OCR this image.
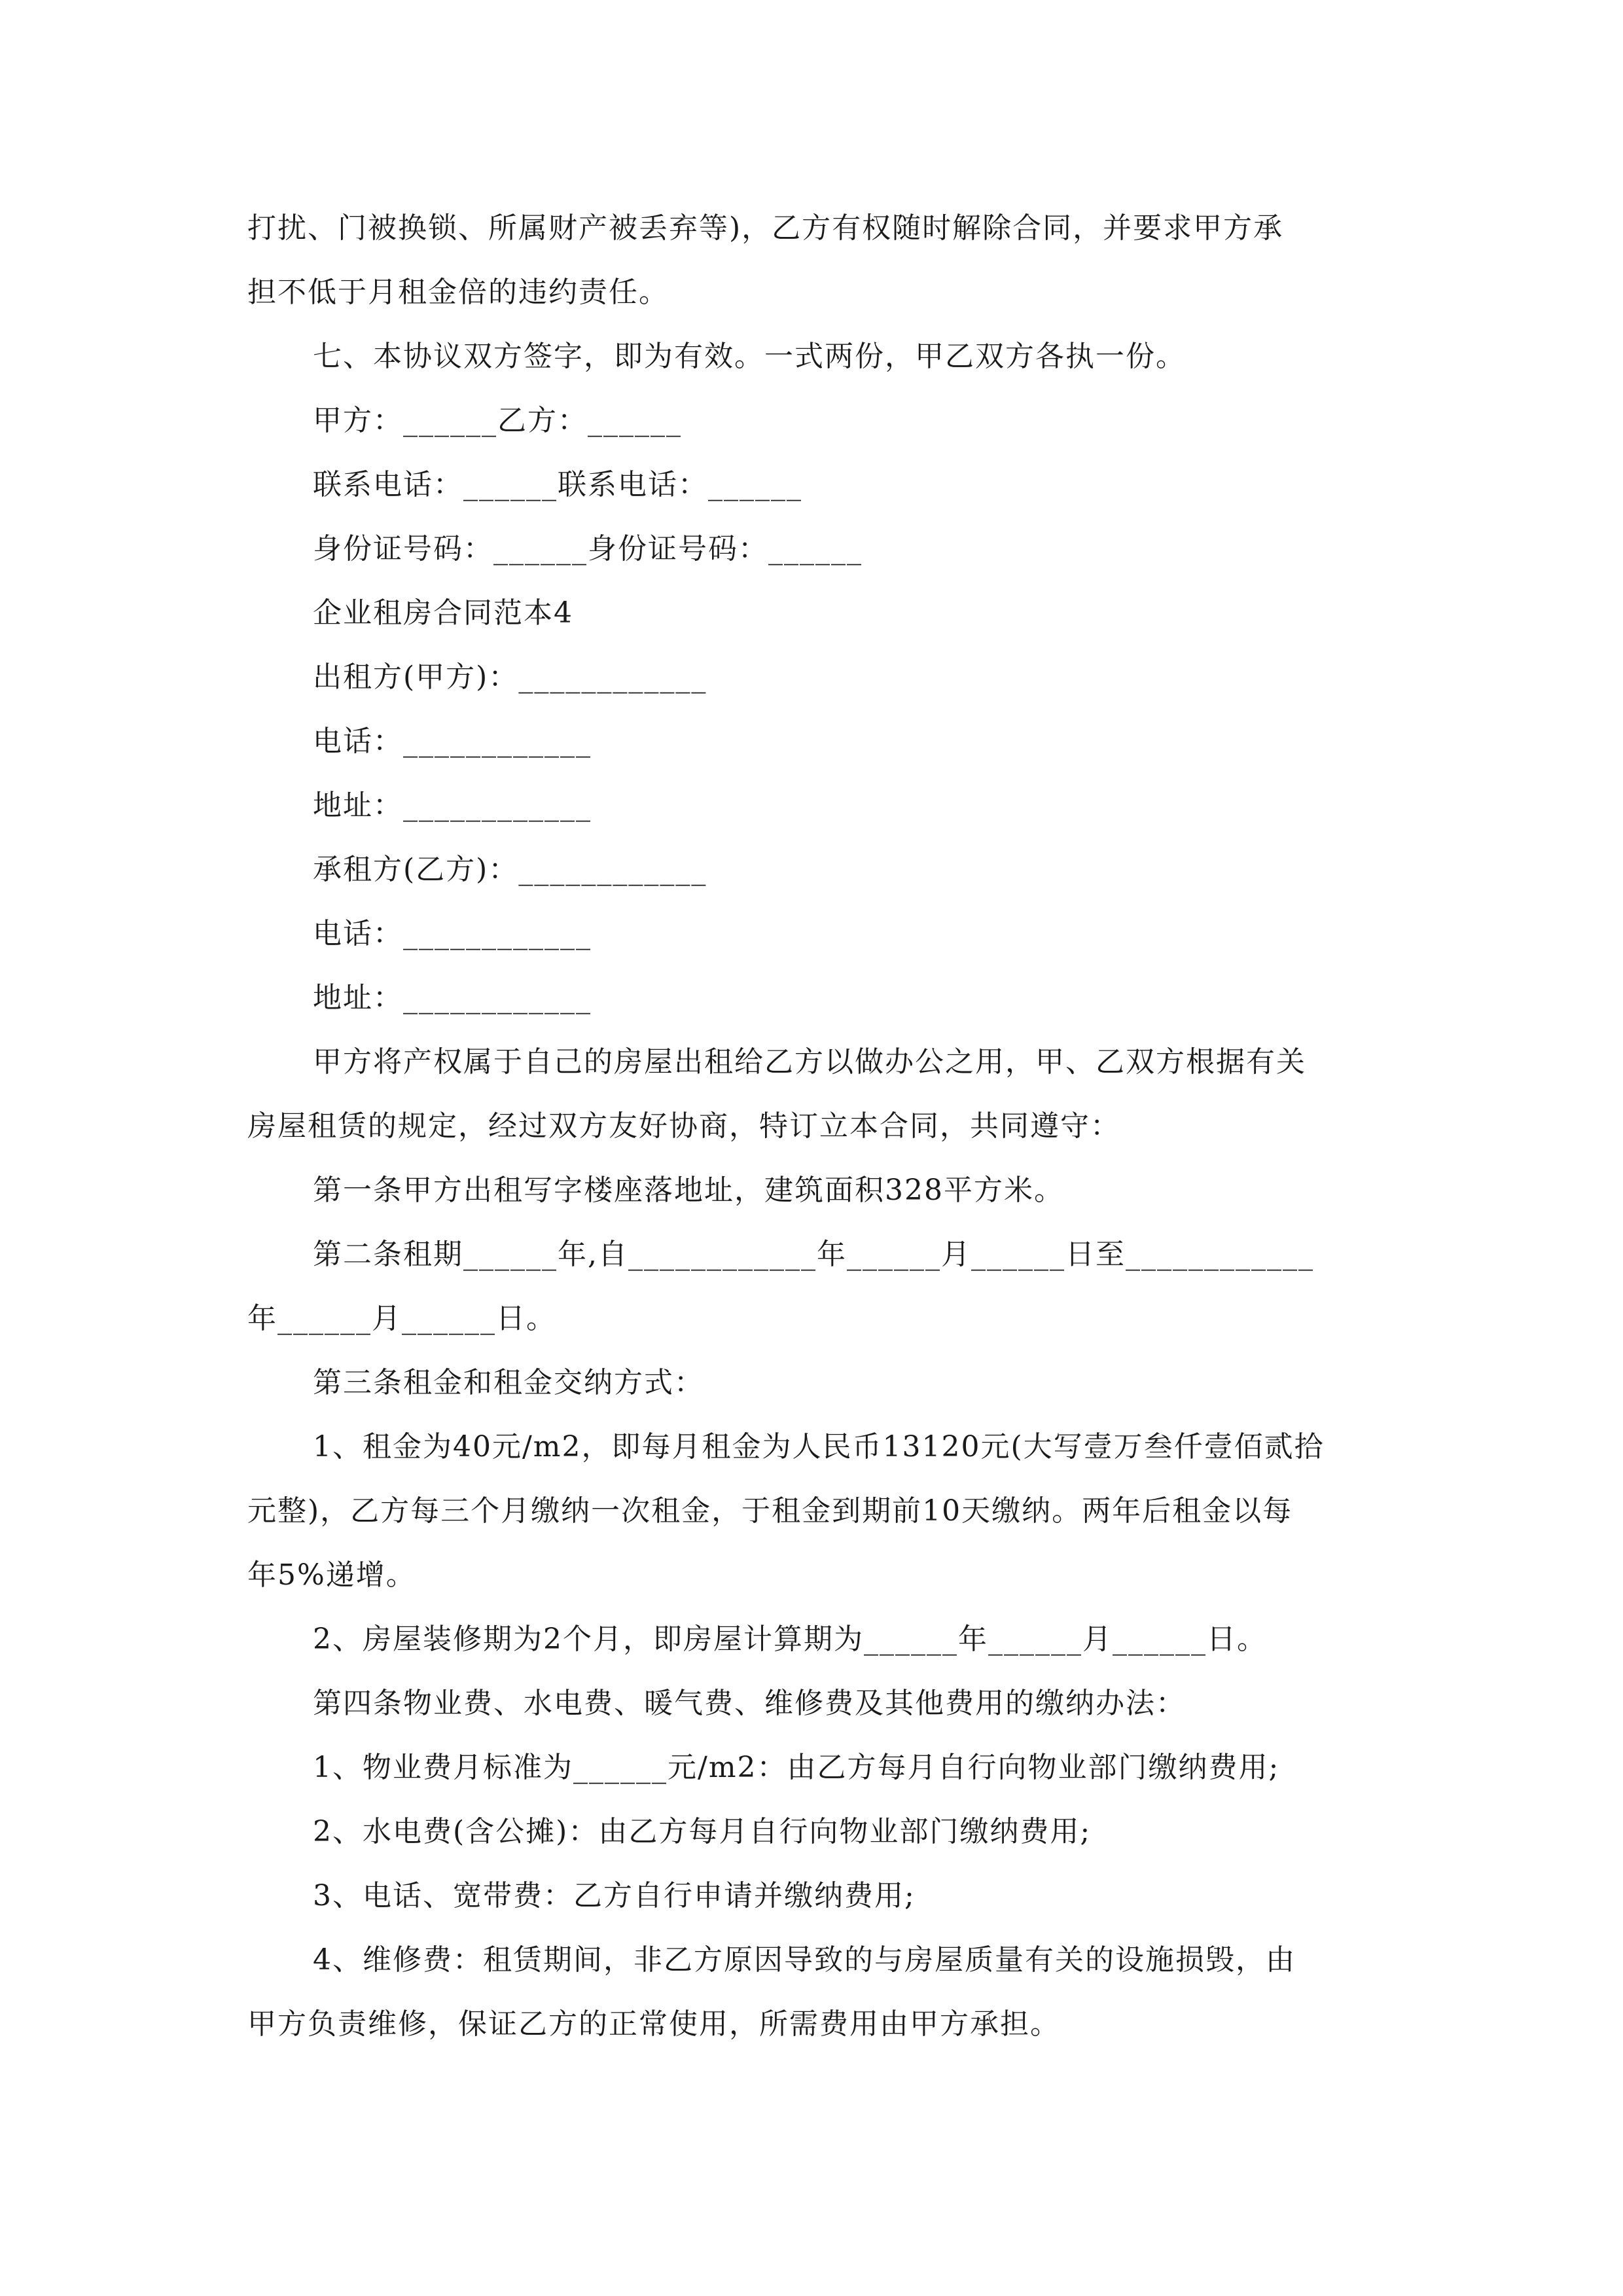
打扰、门被换锁、所属财产被丢弃等)，乙方有权随时解除合同，并要求甲方承

担不低于月租金倍的违约责任。

七、本协议双方签字，即为有效。一式两份，甲乙双方各执一份。

甲方：______乙方：______

联系电话：______联系电话：______

身份证号码：______身份证号码：______

企业租房合同范本4

出租方(甲方)：____________

电话：____________

地址：____________

承租方(乙方)：____________

电话：____________

地址：____________

甲方将产权属于自己的房屋出租给乙方以做办公之用，甲、乙双方根据有关

房屋租赁的规定，经过双方友好协商，特订立本合同，共同遵守：

第一条甲方出租写字楼座落地址，建筑面积328平方米。

第二条租期______年,自____________年______月______日至____________

年______月______日。

第三条租金和租金交纳方式：

1、租金为40元/m2，即每月租金为人民币13120元(大写壹万叁仟壹佰贰拾

元整)，乙方每三个月缴纳一次租金，于租金到期前10天缴纳。两年后租金以每

年5%递增。

2、房屋装修期为2个月，即房屋计算期为______年______月______日。

第四条物业费、水电费、暖气费、维修费及其他费用的缴纳办法：

1、物业费月标准为______元/m2：由乙方每月自行向物业部门缴纳费用;

2、水电费(含公摊)：由乙方每月自行向物业部门缴纳费用;

3、电话、宽带费：乙方自行申请并缴纳费用;

4、维修费：租赁期间，非乙方原因导致的与房屋质量有关的设施损毁，由

甲方负责维修，保证乙方的正常使用，所需费用由甲方承担。
